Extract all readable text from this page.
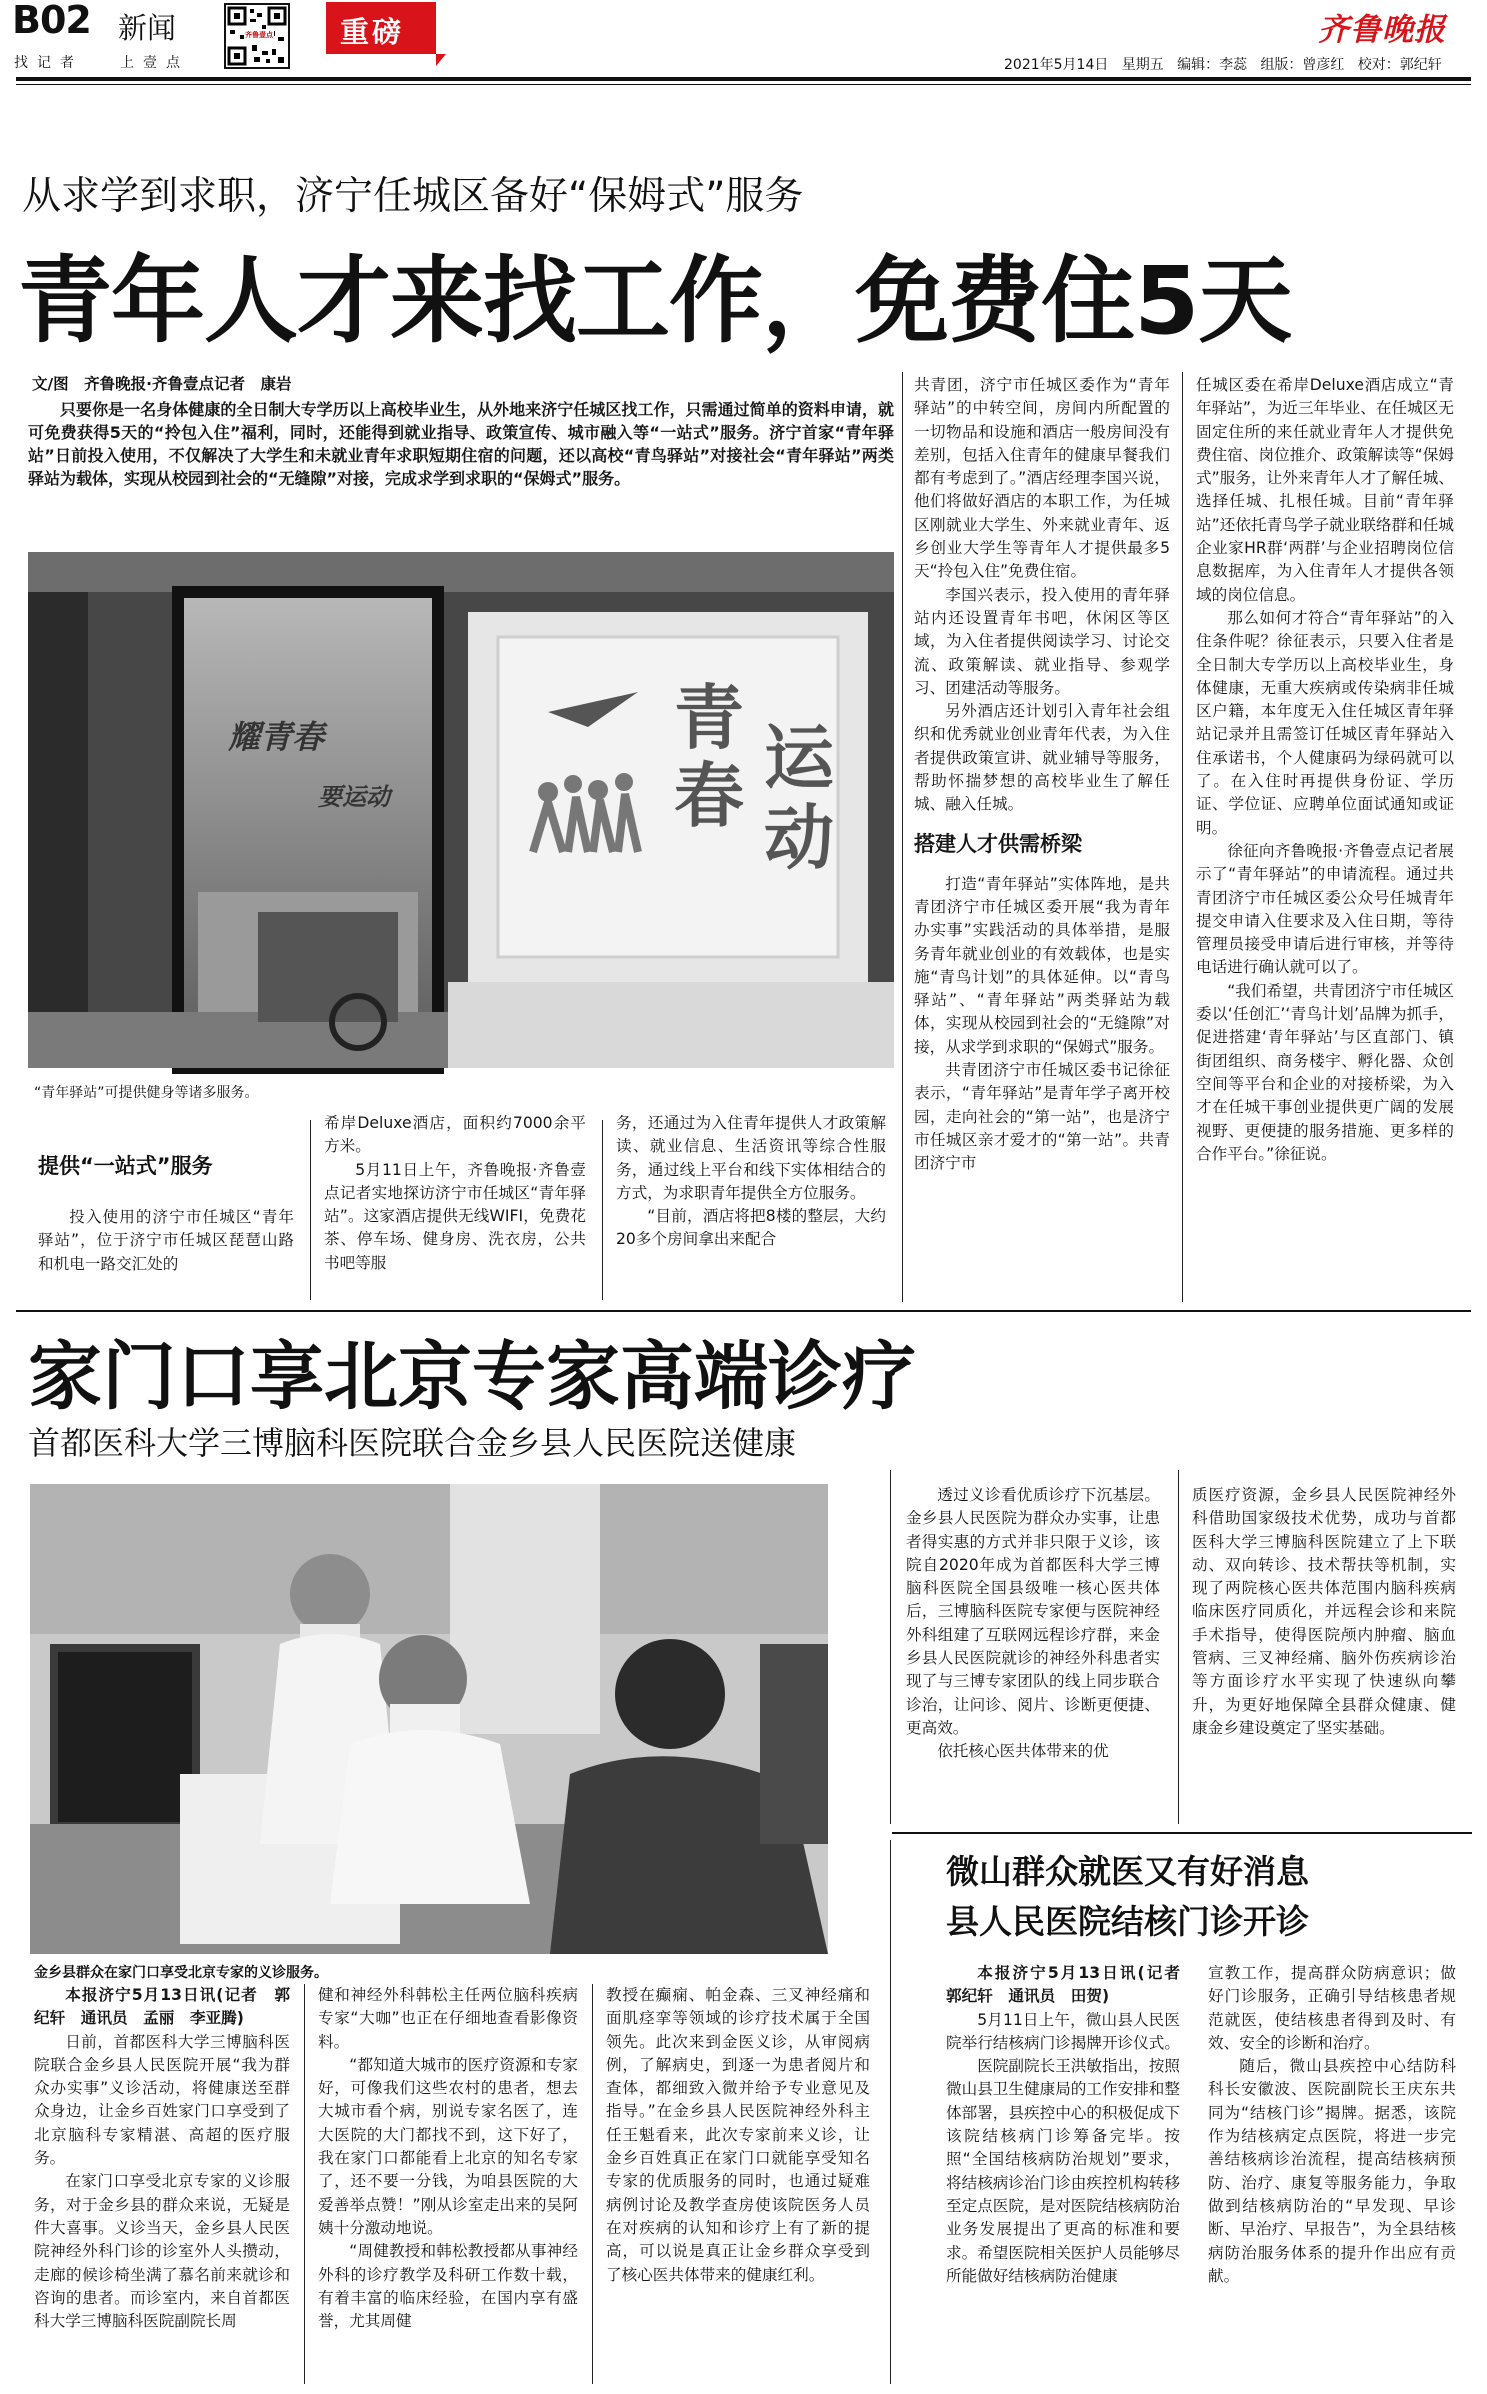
B02 新闻
找记者	上壹点
齐鲁壹点 重磅	齐鲁晚报
2021年5月14日 星期五 编辑：李蕊 组版：曾彦红 校对：郭纪轩
从求学到求职，济宁任城区备好“保姆式”服务
青年人才来找工作，免费住5天
文/图　齐鲁晚报·齐鲁壹点记者　康岩

只要你是一名身体健康的全日制大专学历以上高校毕业生，从外地来济宁任城区找工作，只需通过简单的资料申请，就可免费获得5天的“拎包入住”福利，同时，还能得到就业指导、政策宣传、城市融入等“一站式”服务。济宁首家“青年驿站”日前投入使用，不仅解决了大学生和未就业青年求职短期住宿的问题，还以高校“青鸟驿站”对接社会“青年驿站”两类驿站为载体，实现从校园到社会的“无缝隙”对接，完成求学到求职的“保姆式”服务。

青
春 运
动
耀青春
要运动
“青年驿站”可提供健身等诸多服务。
提供“一站式”服务

投入使用的济宁市任城区“青年驿站”，位于济宁市任城区琵琶山路和机电一路交汇处的

希岸Deluxe酒店，面积约7000余平方米。

5月11日上午，齐鲁晚报·齐鲁壹点记者实地探访济宁市任城区“青年驿站”。这家酒店提供无线WIFI，免费花茶、停车场、健身房、洗衣房，公共书吧等服

务，还通过为入住青年提供人才政策解读、就业信息、生活资讯等综合性服务，通过线上平台和线下实体相结合的方式，为求职青年提供全方位服务。

“目前，酒店将把8楼的整层，大约20多个房间拿出来配合

共青团，济宁市任城区委作为“青年驿站”的中转空间，房间内所配置的一切物品和设施和酒店一般房间没有差别，包括入住青年的健康早餐我们都有考虑到了。”酒店经理李国兴说，他们将做好酒店的本职工作，为任城区刚就业大学生、外来就业青年、返乡创业大学生等青年人才提供最多5天“拎包入住”免费住宿。

李国兴表示，投入使用的青年驿站内还设置青年书吧，休闲区等区域，为入住者提供阅读学习、讨论交流、政策解读、就业指导、参观学习、团建活动等服务。

另外酒店还计划引入青年社会组织和优秀就业创业青年代表，为入住者提供政策宣讲、就业辅导等服务，帮助怀揣梦想的高校毕业生了解任城、融入任城。

搭建人才供需桥梁

打造“青年驿站”实体阵地，是共青团济宁市任城区委开展“我为青年办实事”实践活动的具体举措，是服务青年就业创业的有效载体，也是实施“青鸟计划”的具体延伸。以“青鸟驿站”、“青年驿站”两类驿站为载体，实现从校园到社会的“无缝隙”对接，从求学到求职的“保姆式”服务。

共青团济宁市任城区委书记徐征表示，“青年驿站”是青年学子离开校园，走向社会的“第一站”，也是济宁市任城区亲才爱才的“第一站”。共青团济宁市

任城区委在希岸Deluxe酒店成立“青年驿站”，为近三年毕业、在任城区无固定住所的来任就业青年人才提供免费住宿、岗位推介、政策解读等“保姆式”服务，让外来青年人才了解任城、选择任城、扎根任城。目前“青年驿站”还依托青鸟学子就业联络群和任城企业家HR群‘两群’与企业招聘岗位信息数据库，为入住青年人才提供各领域的岗位信息。

那么如何才符合“青年驿站”的入住条件呢？徐征表示，只要入住者是全日制大专学历以上高校毕业生，身体健康，无重大疾病或传染病非任城区户籍，本年度无入住任城区青年驿站记录并且需签订任城区青年驿站入住承诺书，个人健康码为绿码就可以了。在入住时再提供身份证、学历证、学位证、应聘单位面试通知或证明。

徐征向齐鲁晚报·齐鲁壹点记者展示了“青年驿站”的申请流程。通过共青团济宁市任城区委公众号任城青年提交申请入住要求及入住日期，等待管理员接受申请后进行审核，并等待电话进行确认就可以了。

“我们希望，共青团济宁市任城区委以‘任创汇’‘青鸟计划’品牌为抓手，促进搭建‘青年驿站’与区直部门、镇街团组织、商务楼宇、孵化器、众创空间等平台和企业的对接桥梁，为入才在任城干事创业提供更广阔的发展视野、更便捷的服务措施、更多样的合作平台。”徐征说。

家门口享北京专家高端诊疗
首都医科大学三博脑科医院联合金乡县人民医院送健康
金乡县群众在家门口享受北京专家的义诊服务。

透过义诊看优质诊疗下沉基层。金乡县人民医院为群众办实事，让患者得实惠的方式并非只限于义诊，该院自2020年成为首都医科大学三博脑科医院全国县级唯一核心医共体后，三博脑科医院专家便与医院神经外科组建了互联网远程诊疗群，来金乡县人民医院就诊的神经外科患者实现了与三博专家团队的线上同步联合诊治，让问诊、阅片、诊断更便捷、更高效。

依托核心医共体带来的优

质医疗资源，金乡县人民医院神经外科借助国家级技术优势，成功与首都医科大学三博脑科医院建立了上下联动、双向转诊、技术帮扶等机制，实现了两院核心医共体范围内脑科疾病临床医疗同质化，并远程会诊和来院手术指导，使得医院颅内肿瘤、脑血管病、三叉神经痛、脑外伤疾病诊治等方面诊疗水平实现了快速纵向攀升，为更好地保障全县群众健康、健康金乡建设奠定了坚实基础。

本报济宁5月13日讯(记者　郭纪轩　通讯员　孟丽　李亚腾)

日前，首都医科大学三博脑科医院联合金乡县人民医院开展“我为群众办实事”义诊活动，将健康送至群众身边，让金乡百姓家门口享受到了北京脑科专家精湛、高超的医疗服务。

在家门口享受北京专家的义诊服务，对于金乡县的群众来说，无疑是件大喜事。义诊当天，金乡县人民医院神经外科门诊的诊室外人头攒动，走廊的候诊椅坐满了慕名前来就诊和咨询的患者。而诊室内，来自首都医科大学三博脑科医院副院长周

健和神经外科韩松主任两位脑科疾病专家“大咖”也正在仔细地查看影像资料。

“都知道大城市的医疗资源和专家好，可像我们这些农村的患者，想去大城市看个病，别说专家名医了，连大医院的大门都找不到，这下好了，我在家门口都能看上北京的知名专家了，还不要一分钱，为咱县医院的大爱善举点赞！”刚从诊室走出来的吴阿姨十分激动地说。

“周健教授和韩松教授都从事神经外科的诊疗教学及科研工作数十载，有着丰富的临床经验，在国内享有盛誉，尤其周健

教授在癫痫、帕金森、三叉神经痛和面肌痉挛等领域的诊疗技术属于全国领先。此次来到金医义诊，从审阅病例，了解病史，到逐一为患者阅片和查体，都细致入微并给予专业意见及指导。”在金乡县人民医院神经外科主任王魁看来，此次专家前来义诊，让金乡百姓真正在家门口就能享受知名专家的优质服务的同时，也通过疑难病例讨论及教学查房使该院医务人员在对疾病的认知和诊疗上有了新的提高，可以说是真正让金乡群众享受到了核心医共体带来的健康红利。

微山群众就医又有好消息
县人民医院结核门诊开诊

本报济宁5月13日讯(记者　郭纪轩　通讯员　田贺)

5月11日上午，微山县人民医院举行结核病门诊揭牌开诊仪式。

医院副院长王洪敏指出，按照微山县卫生健康局的工作安排和整体部署，县疾控中心的积极促成下该院结核病门诊筹备完毕。按照“全国结核病防治规划”要求，将结核病诊治门诊由疾控机构转移至定点医院，是对医院结核病防治业务发展提出了更高的标准和要求。希望医院相关医护人员能够尽所能做好结核病防治健康

宣教工作，提高群众防病意识；做好门诊服务，正确引导结核患者规范就医，使结核患者得到及时、有效、安全的诊断和治疗。

随后，微山县疾控中心结防科科长安徽波、医院副院长王庆东共同为“结核门诊”揭牌。据悉，该院作为结核病定点医院，将进一步完善结核病诊治流程，提高结核病预防、治疗、康复等服务能力，争取做到结核病防治的“早发现、早诊断、早治疗、早报告”，为全县结核病防治服务体系的提升作出应有贡献。
